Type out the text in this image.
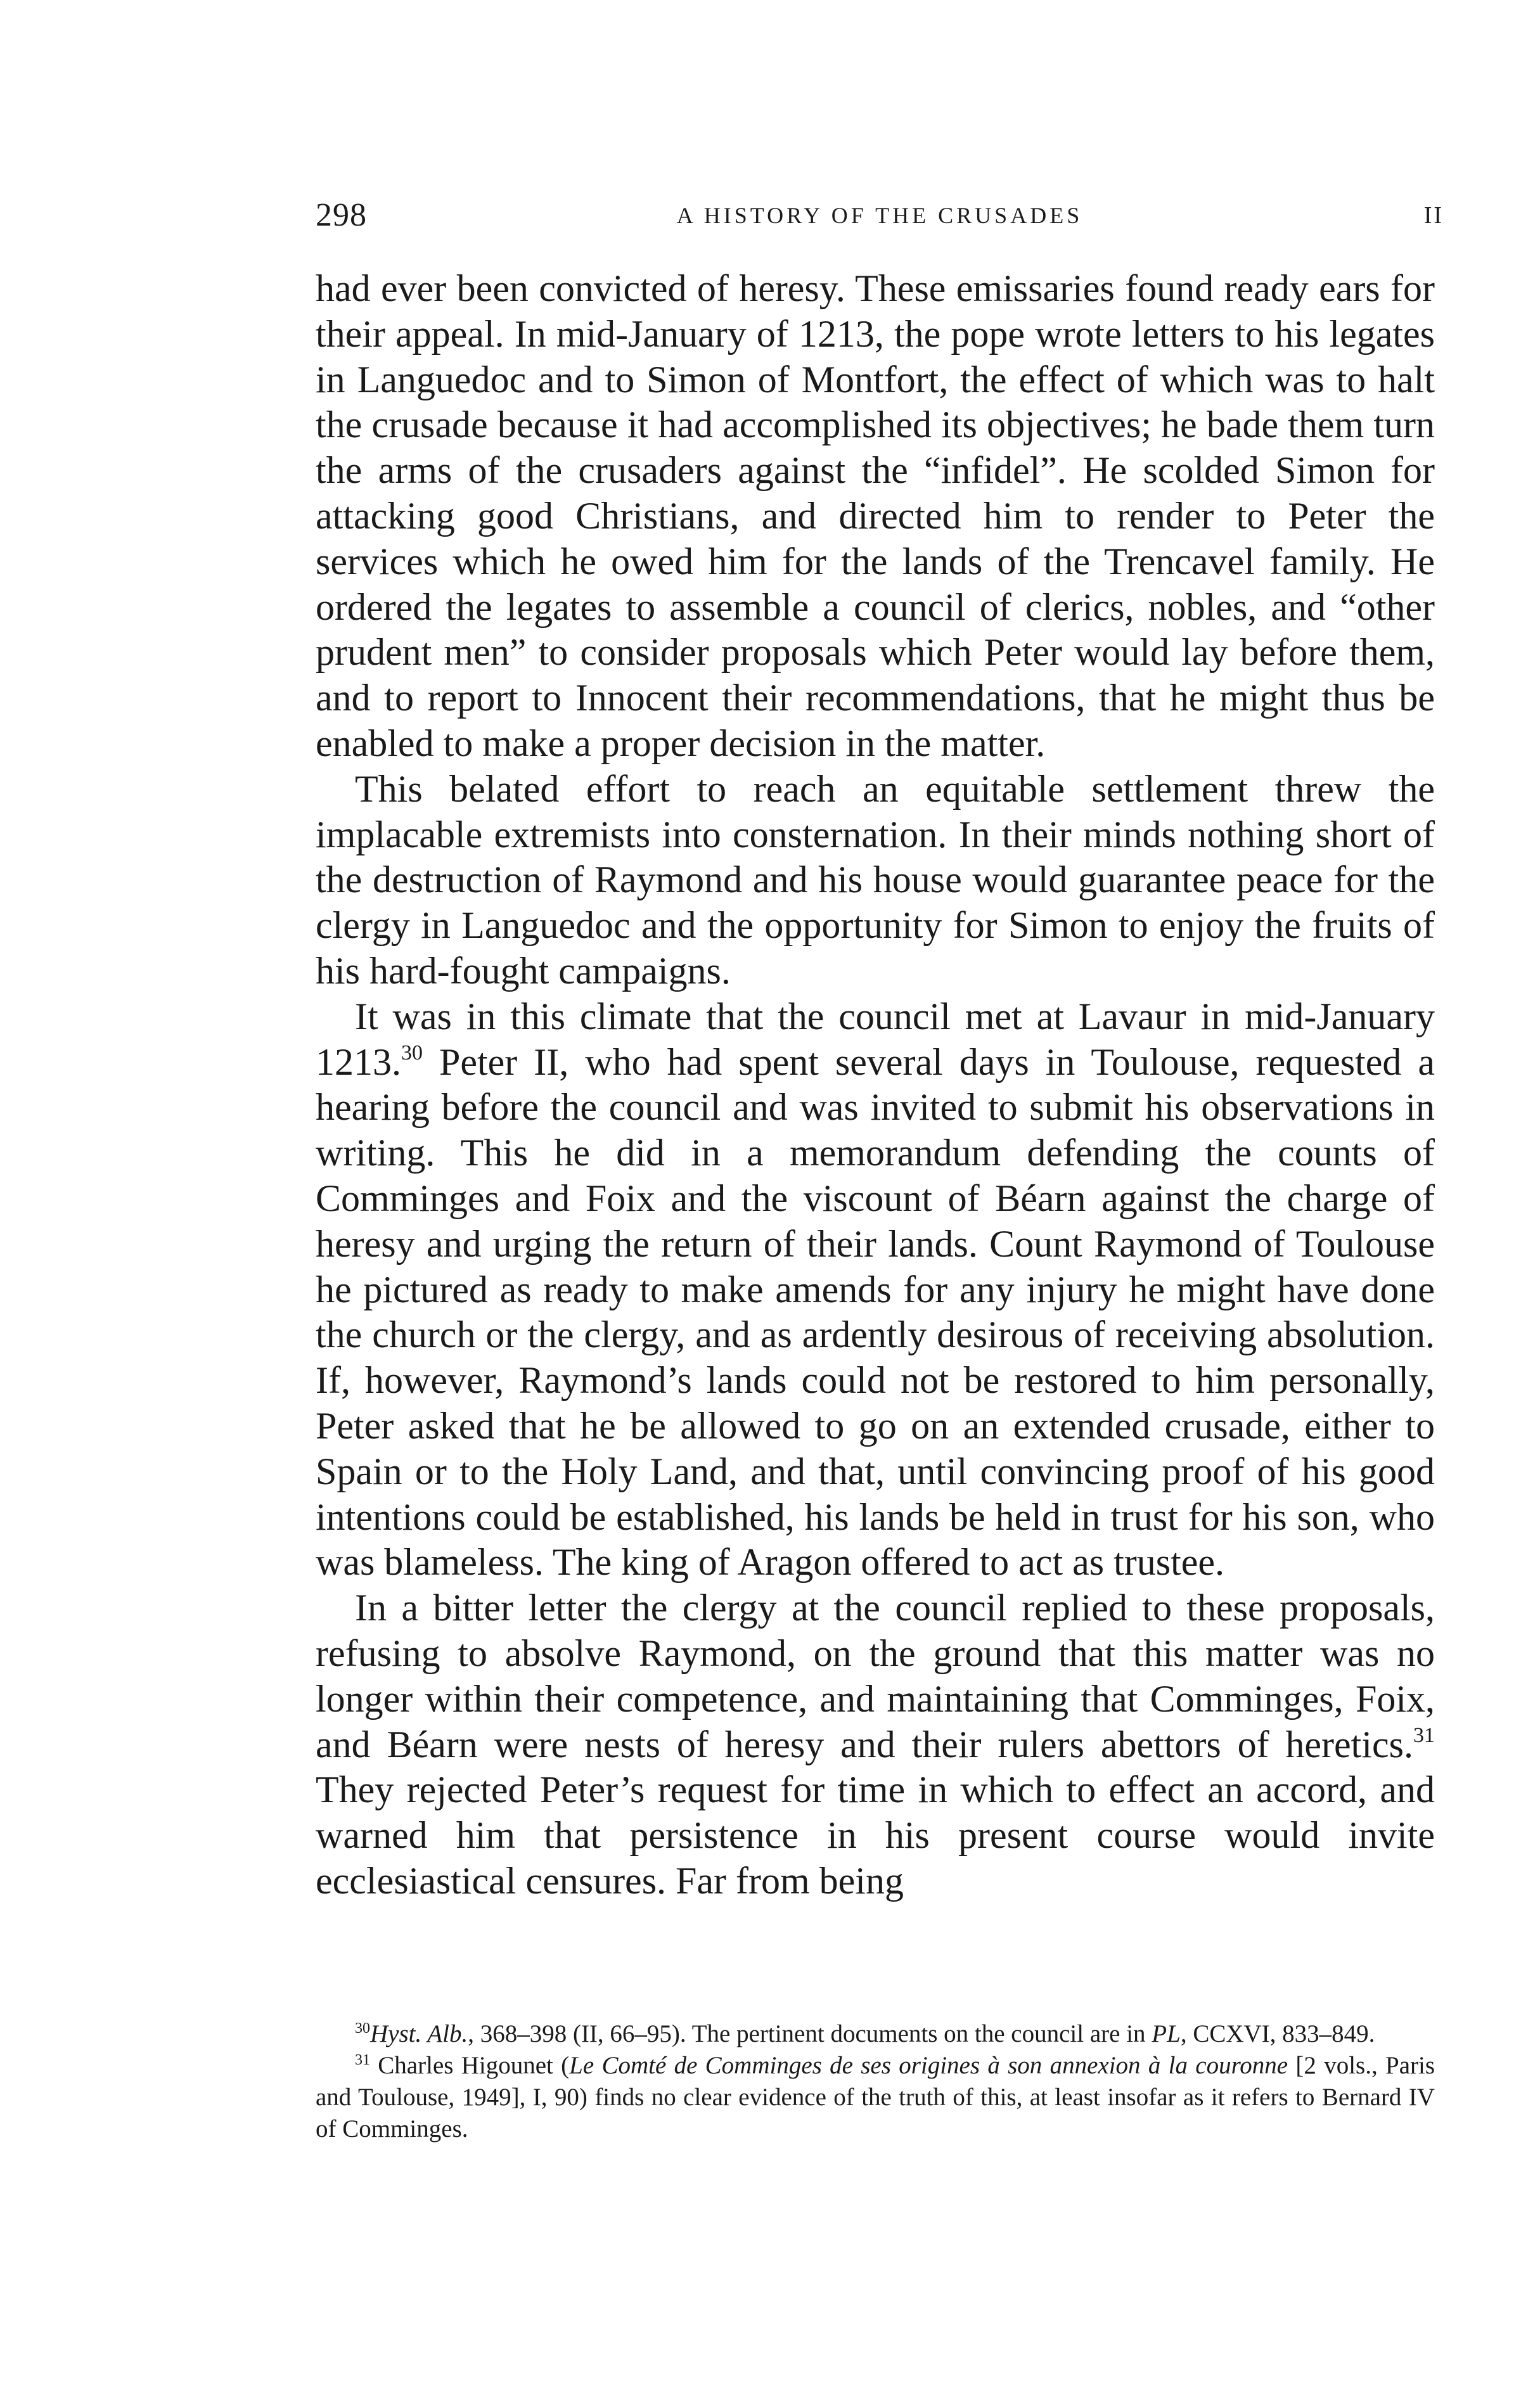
298	A HISTORY OF THE CRUSADES	II

had ever been convicted of heresy. These emissaries found ready ears for their appeal. In mid-January of 1213, the pope wrote letters to his legates in Languedoc and to Simon of Montfort, the effect of which was to halt the crusade because it had accomplished its objectives; he bade them turn the arms of the crusaders against the “infidel”. He scolded Simon for attacking good Christians, and directed him to render to Peter the services which he owed him for the lands of the Trencavel family. He ordered the legates to assemble a council of clerics, nobles, and “other prudent men” to consider proposals which Peter would lay before them, and to report to Innocent their recommendations, that he might thus be enabled to make a proper decision in the matter.

This belated effort to reach an equitable settlement threw the implacable extremists into consternation. In their minds nothing short of the destruction of Raymond and his house would guarantee peace for the clergy in Languedoc and the opportunity for Simon to enjoy the fruits of his hard-fought campaigns.

It was in this climate that the council met at Lavaur in mid-January 1213.30 Peter II, who had spent several days in Toulouse, requested a hearing before the council and was invited to submit his observations in writing. This he did in a memorandum defending the counts of Comminges and Foix and the viscount of Béarn against the charge of heresy and urging the return of their lands. Count Raymond of Toulouse he pictured as ready to make amends for any injury he might have done the church or the clergy, and as ardently desirous of receiving absolution. If, however, Raymond’s lands could not be restored to him personally, Peter asked that he be allowed to go on an extended crusade, either to Spain or to the Holy Land, and that, until convincing proof of his good intentions could be established, his lands be held in trust for his son, who was blameless. The king of Aragon offered to act as trustee.

In a bitter letter the clergy at the council replied to these proposals, refusing to absolve Raymond, on the ground that this matter was no longer within their competence, and maintaining that Comminges, Foix, and Béarn were nests of heresy and their rulers abettors of heretics.$^{31}$ They rejected Peter’s request for time in which to effect an accord, and warned him that persistence in his present course would invite ecclesiastical censures. Far from being

$^{30}$Hyst. Alb., 368–398 (II, 66–95). The pertinent documents on the council are in PL, CCXVI, 833–849.

$^{31}$ Charles Higounet (Le Comté de Comminges de ses origines à son annexion à la couronne [2 vols., Paris and Toulouse, 1949], I, 90) finds no clear evidence of the truth of this, at least insofar as it refers to Bernard IV of Comminges.
